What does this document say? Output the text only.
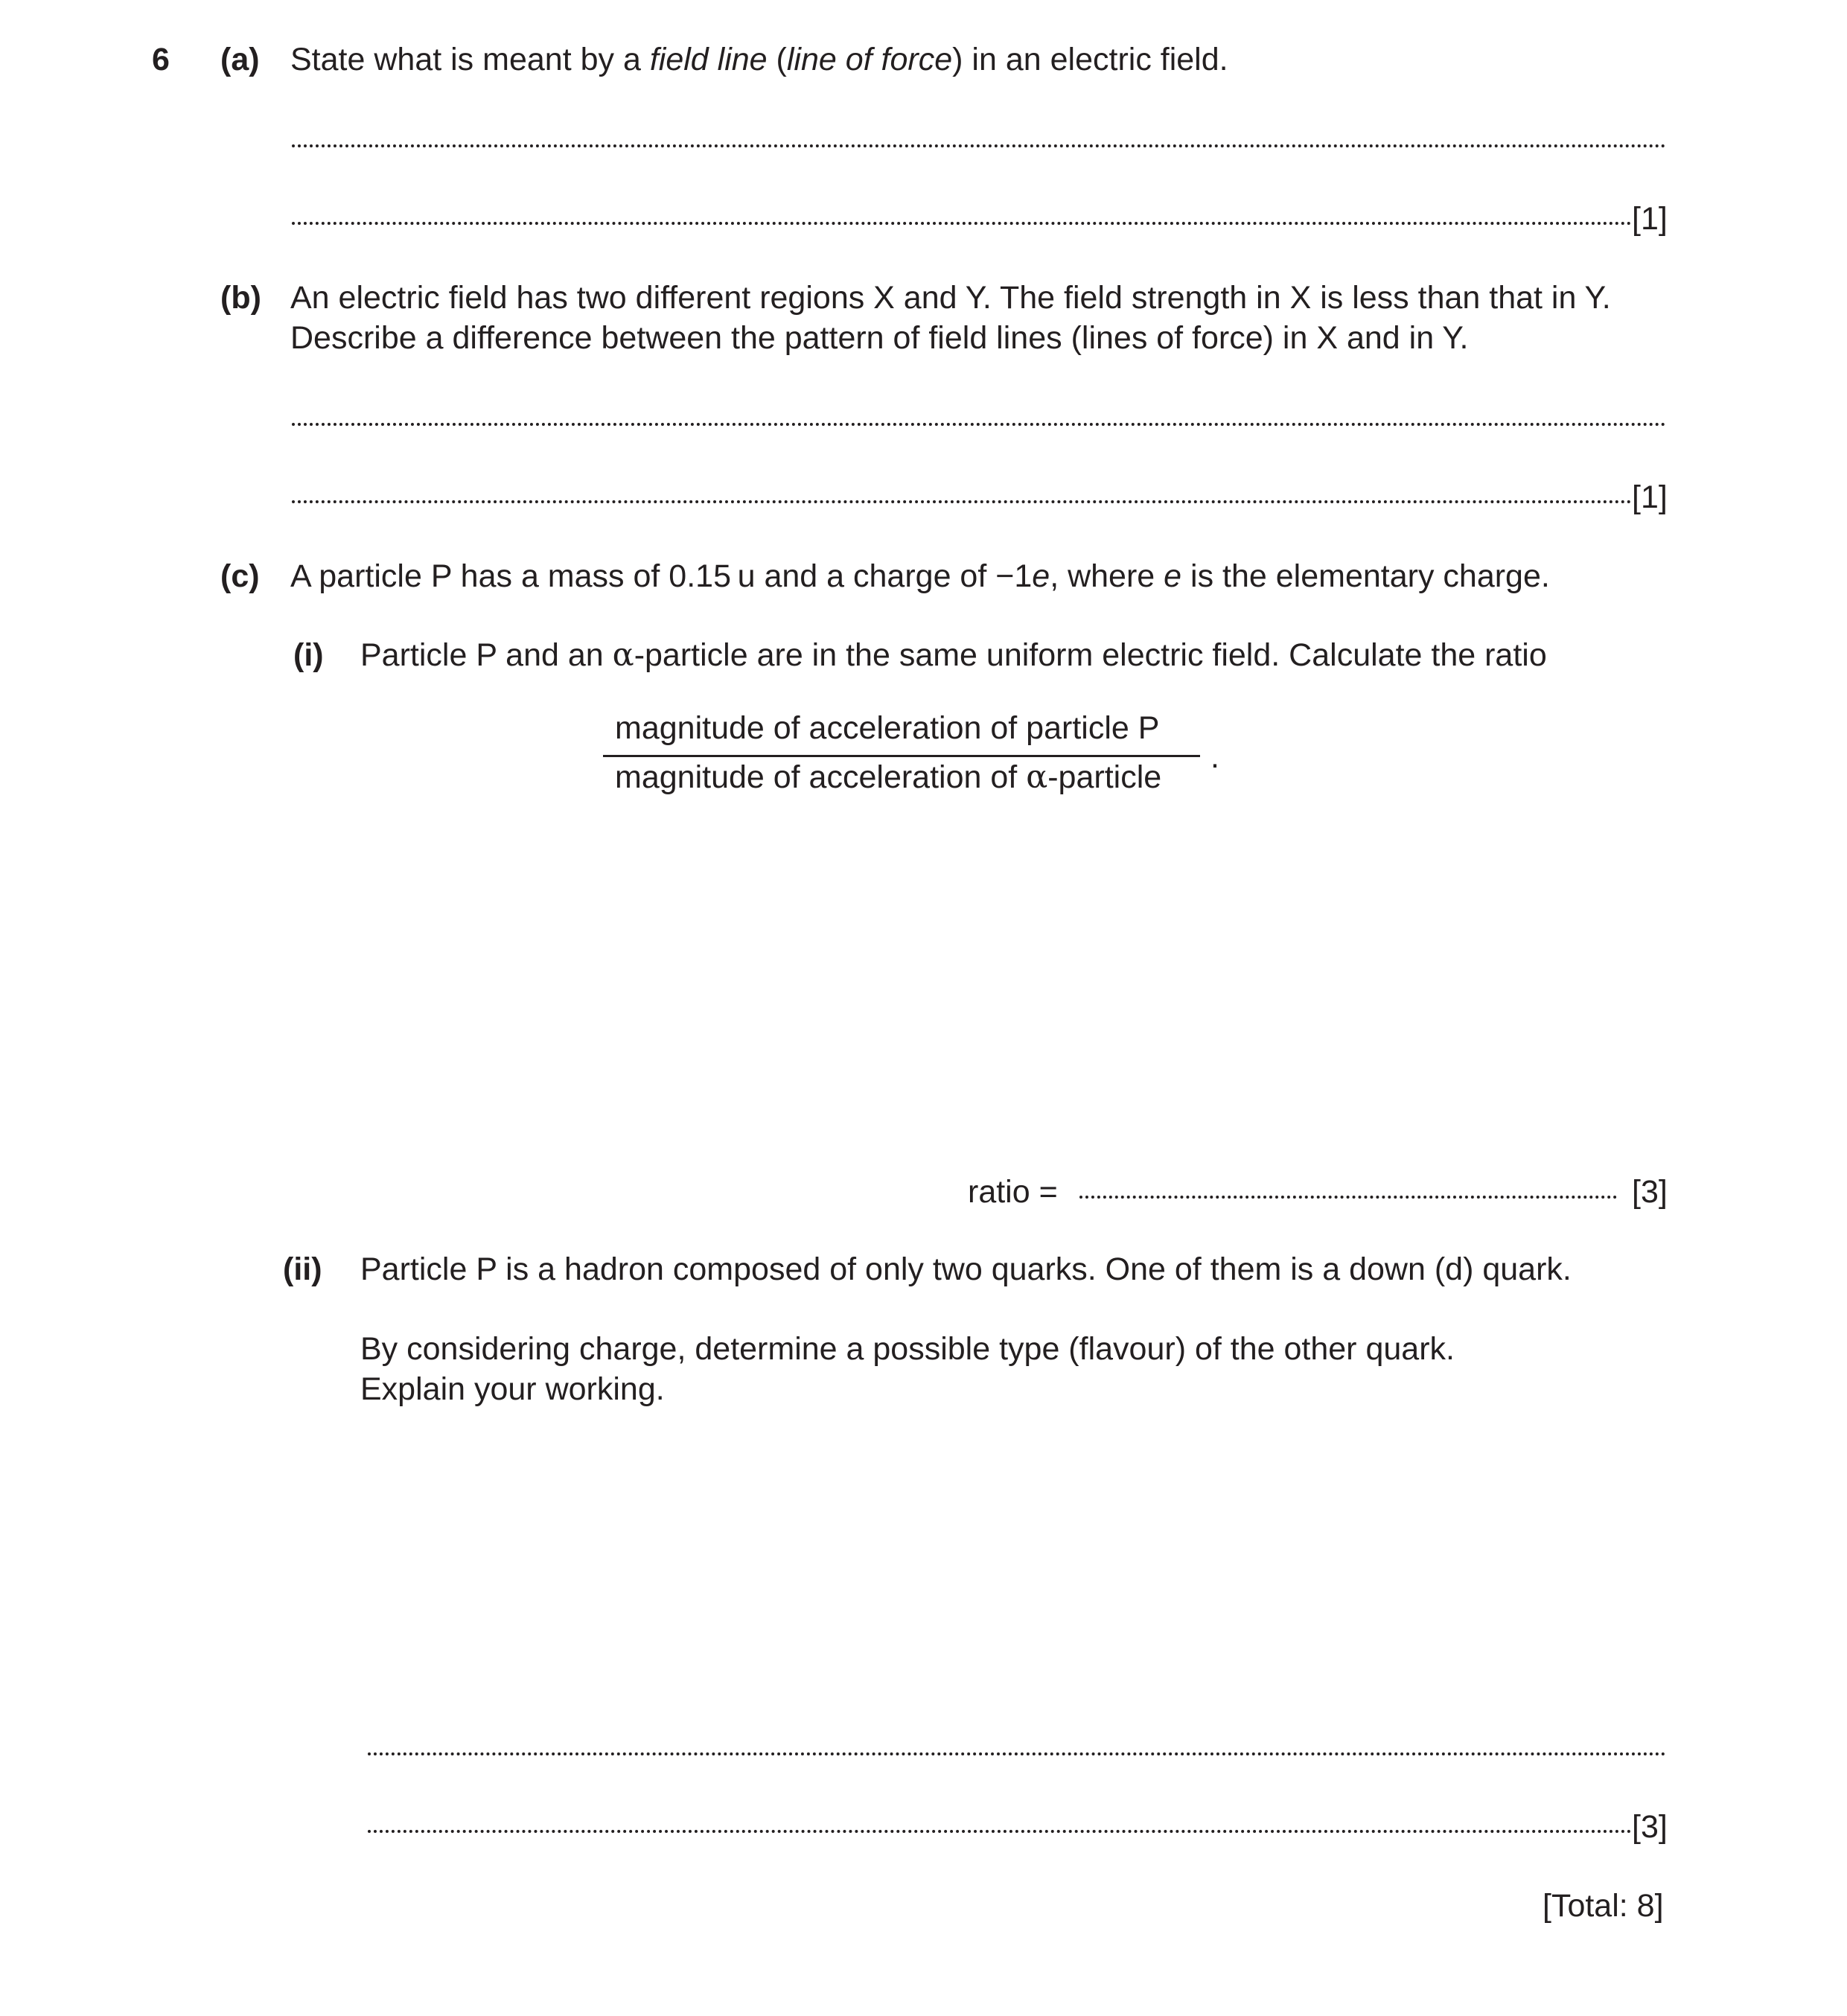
6 (a) State what is meant by a field line (line of force) in an electric field.
[1]
(b) An electric field has two different regions X and Y. The field strength in X is less than that in Y.
Describe a difference between the pattern of field lines (lines of force) in X and in Y.
[1]
(c) A particle P has a mass of 0.15 u and a charge of −1e, where e is the elementary charge.
(i) Particle P and an α-particle are in the same uniform electric field. Calculate the ratio
magnitude of acceleration of particle P
magnitude of acceleration of α-particle
.
ratio =	[3]
(ii) Particle P is a hadron composed of only two quarks. One of them is a down (d) quark.
By considering charge, determine a possible type (flavour) of the other quark.
Explain your working.
[3]
[Total: 8]
